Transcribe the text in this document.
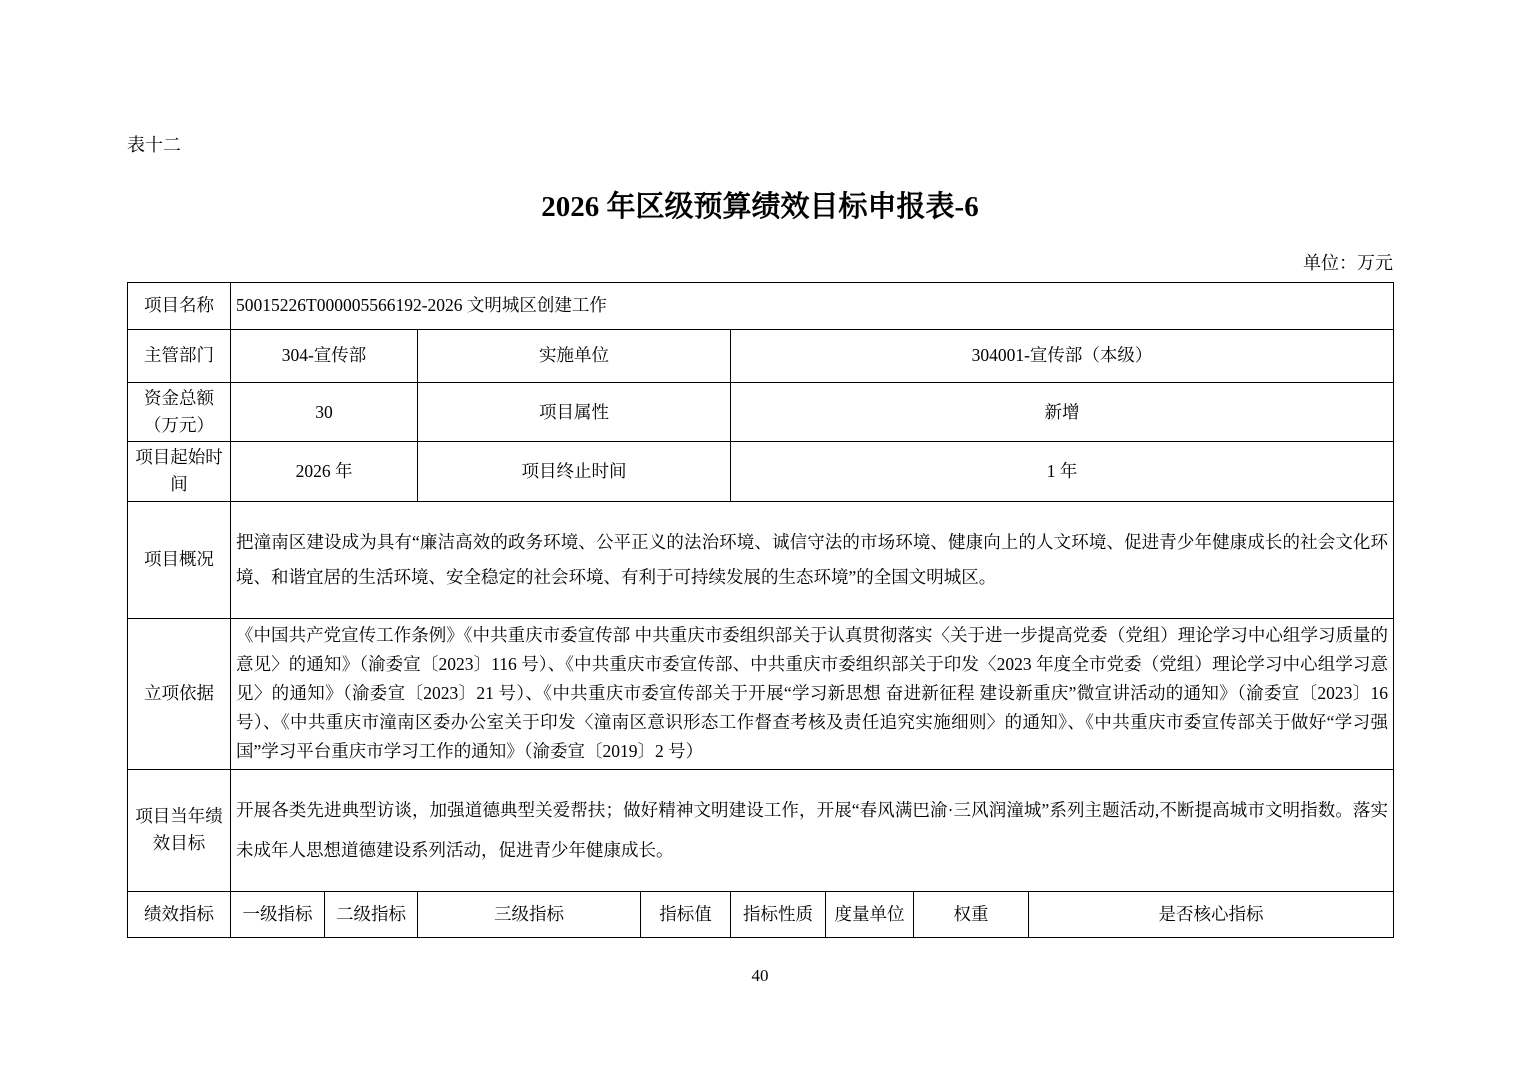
表十二
2026 年区级预算绩效目标申报表-6
单位：万元
项目名称	50015226T000005566192-2026 文明城区创建工作							
主管部门	304-宣传部		实施单位		304001-宣传部（本级）			
资金总额（万元）	30		项目属性		新增			
项目起始时间	2026 年		项目终止时间		1 年			
项目概况	把潼南区建设成为具有“廉洁高效的政务环境、公平正义的法治环境、诚信守法的市场环境、健康向上的人文环境、促进青少年健康成长的社会文化环境、和谐宜居的生活环境、安全稳定的社会环境、有利于可持续发展的生态环境”的全国文明城区。							
立项依据	《中国共产党宣传工作条例》《中共重庆市委宣传部 中共重庆市委组织部关于认真贯彻落实〈关于进一步提高党委（党组）理论学习中心组学习质量的意见〉的通知》（渝委宣〔2023〕116 号）、《中共重庆市委宣传部、中共重庆市委组织部关于印发〈2023 年度全市党委（党组）理论学习中心组学习意见〉的通知》（渝委宣〔2023〕21 号）、《中共重庆市委宣传部关于开展“学习新思想 奋进新征程 建设新重庆”微宣讲活动的通知》（渝委宣〔2023〕16 号）、《中共重庆市潼南区委办公室关于印发〈潼南区意识形态工作督查考核及责任追究实施细则〉的通知》、《中共重庆市委宣传部关于做好“学习强国”学习平台重庆市学习工作的通知》（渝委宣〔2019〕2 号）							
项目当年绩效目标	开展各类先进典型访谈，加强道德典型关爱帮扶；做好精神文明建设工作，开展“春风满巴渝·三风润潼城”系列主题活动,不断提高城市文明指数。落实未成年人思想道德建设系列活动，促进青少年健康成长。							
绩效指标	一级指标	二级指标	三级指标	指标值	指标性质	度量单位	权重	是否核心指标
40
